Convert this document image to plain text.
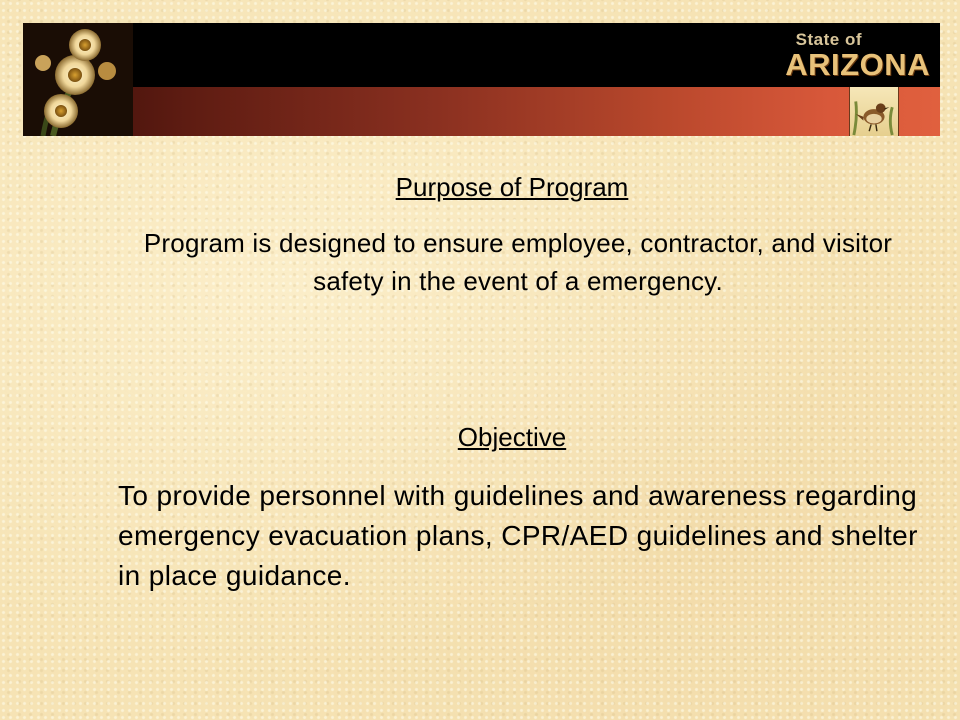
State of
ARIZONA
Purpose of Program

Program is designed to ensure employee, contractor, and visitor safety in the event of a emergency.

Objective

To provide personnel with guidelines and awareness regarding emergency evacuation plans, CPR/AED guidelines and shelter in place guidance.
